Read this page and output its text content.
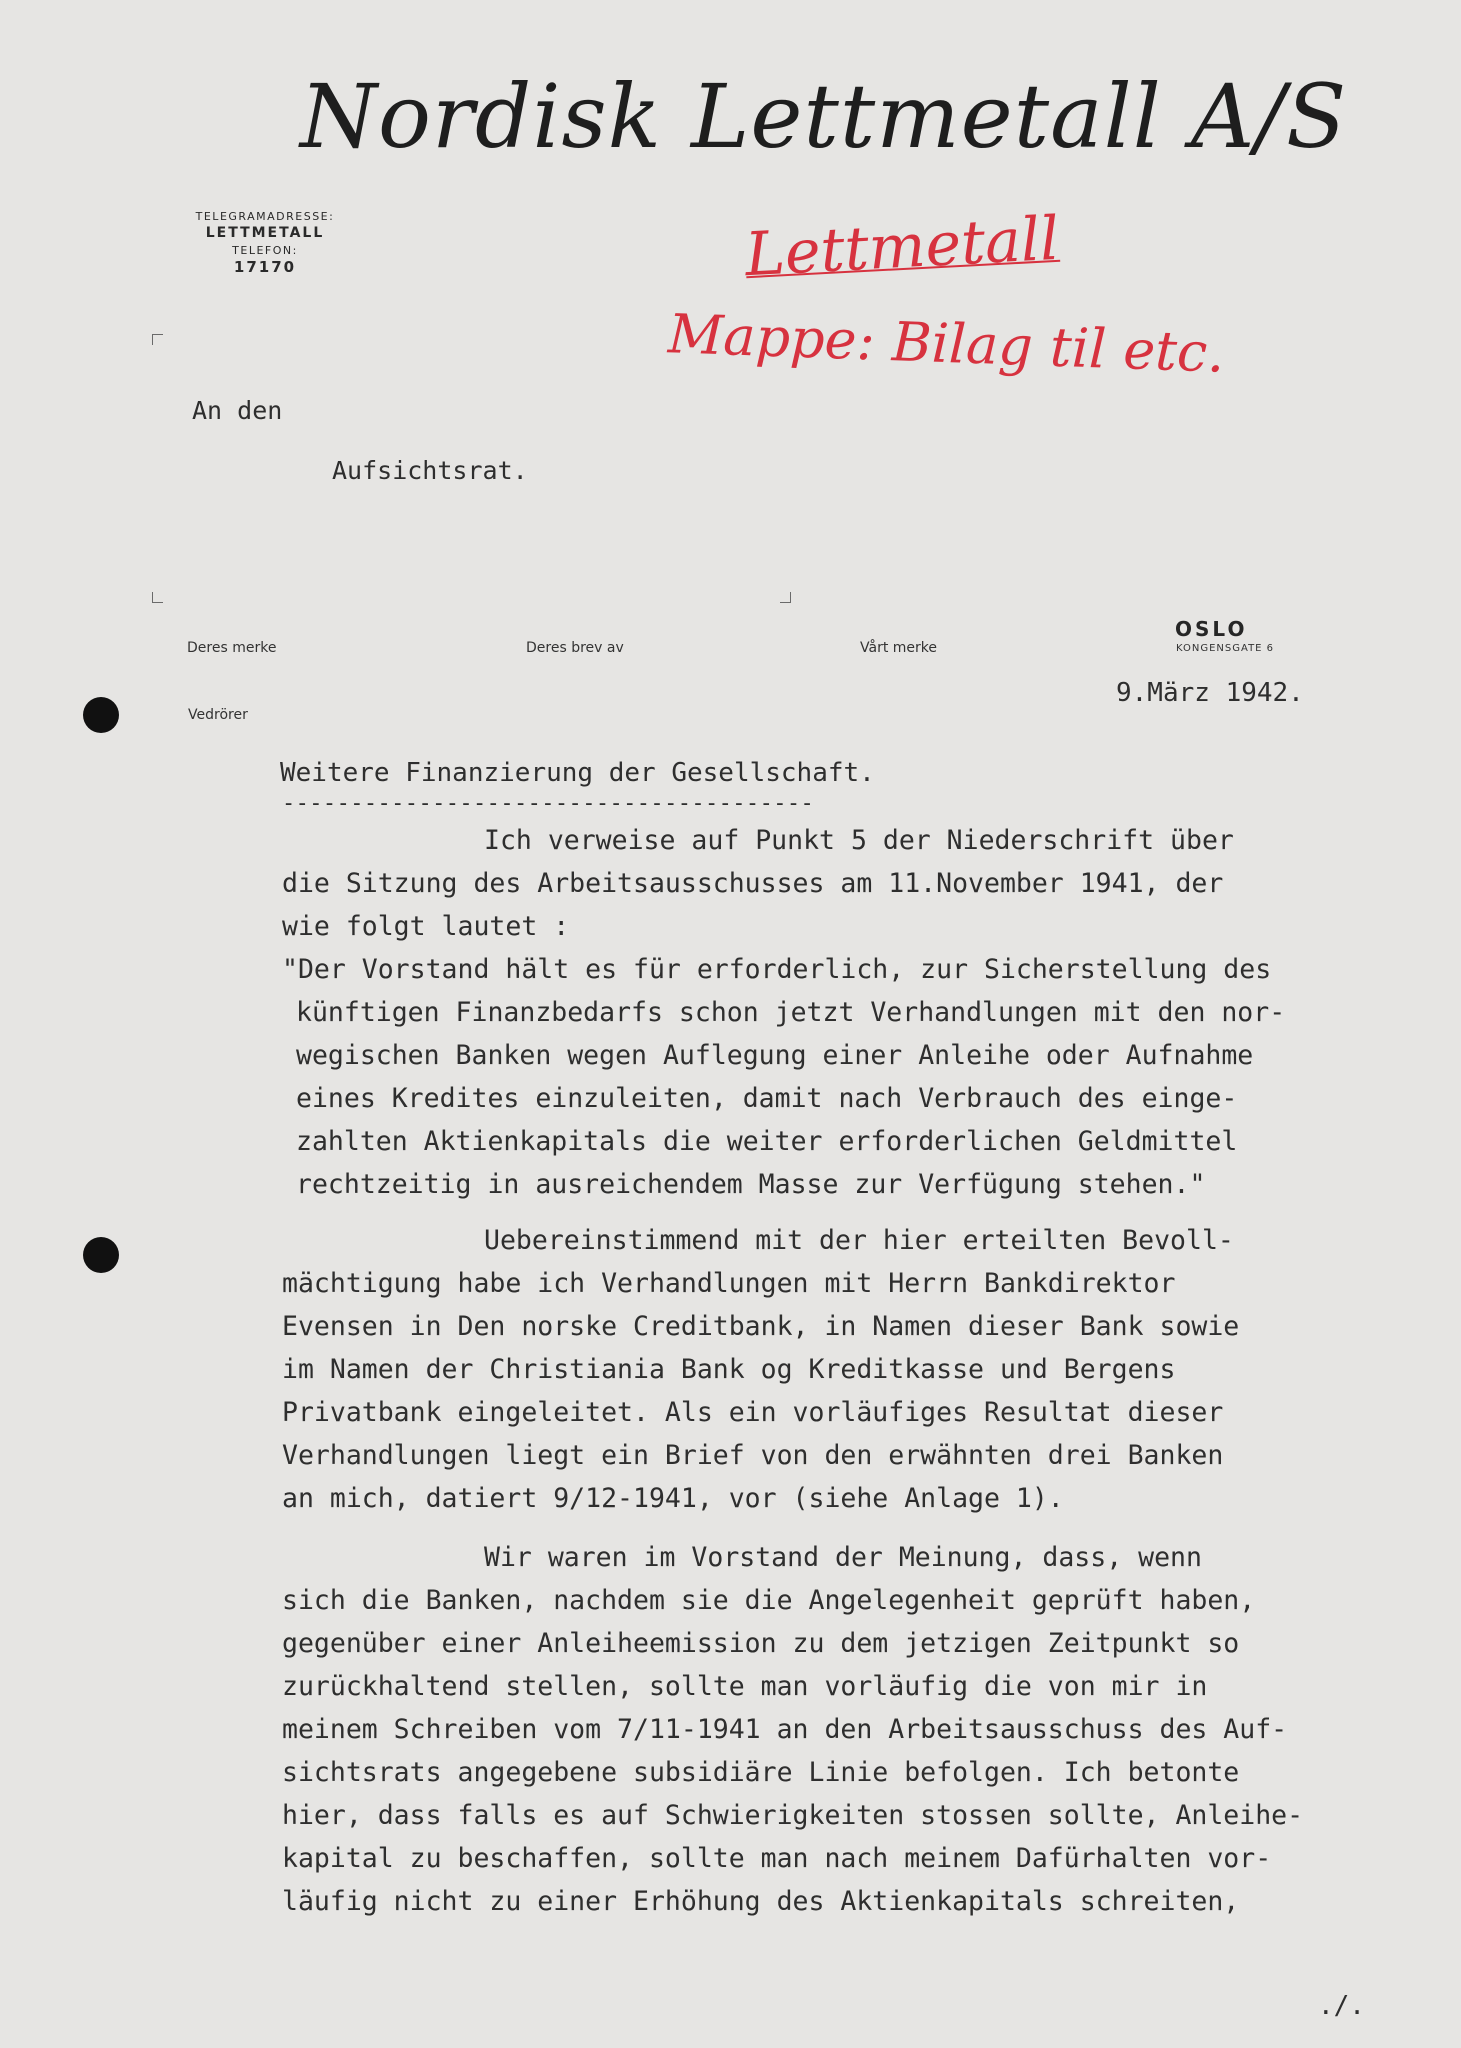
Nordisk Lettmetall A/S
TELEGRAMADRESSE:
LETTMETALL
TELEFON:
17170	Lettmetall
Mappe: Bilag til etc.
An den
Aufsichtsrat.
Deres merke	Deres brev av	Vårt merke
Vedrörer
OSLO
KONGENSGATE 6
9.März 1942.
Weitere Finanzierung der Gesellschaft.
---------------------------------------
Ich verweise auf Punkt 5 der Niederschrift über
die Sitzung des Arbeitsausschusses am 11.November 1941, der
wie folgt lautet :
"Der Vorstand hält es für erforderlich, zur Sicherstellung des
künftigen Finanzbedarfs schon jetzt Verhandlungen mit den nor-
wegischen Banken wegen Auflegung einer Anleihe oder Aufnahme
eines Kredites einzuleiten, damit nach Verbrauch des einge-
zahlten Aktienkapitals die weiter erforderlichen Geldmittel
rechtzeitig in ausreichendem Masse zur Verfügung stehen."
Uebereinstimmend mit der hier erteilten Bevoll-
mächtigung habe ich Verhandlungen mit Herrn Bankdirektor
Evensen in Den norske Creditbank, in Namen dieser Bank sowie
im Namen der Christiania Bank og Kreditkasse und Bergens
Privatbank eingeleitet. Als ein vorläufiges Resultat dieser
Verhandlungen liegt ein Brief von den erwähnten drei Banken
an mich, datiert 9/12-1941, vor (siehe Anlage 1).
Wir waren im Vorstand der Meinung, dass, wenn
sich die Banken, nachdem sie die Angelegenheit geprüft haben,
gegenüber einer Anleiheemission zu dem jetzigen Zeitpunkt so
zurückhaltend stellen, sollte man vorläufig die von mir in
meinem Schreiben vom 7/11-1941 an den Arbeitsausschuss des Auf-
sichtsrats angegebene subsidiäre Linie befolgen. Ich betonte
hier, dass falls es auf Schwierigkeiten stossen sollte, Anleihe-
kapital zu beschaffen, sollte man nach meinem Dafürhalten vor-
läufig nicht zu einer Erhöhung des Aktienkapitals schreiten,
./.
